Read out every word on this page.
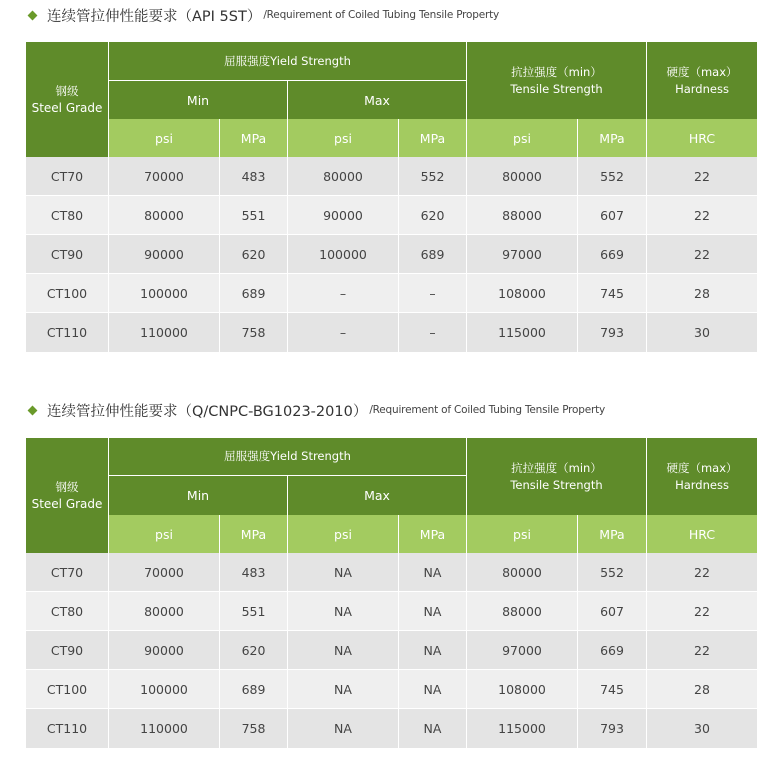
连续管拉伸性能要求（API 5ST） /Requirement of Coiled Tubing Tensile Property
钢级
Steel Grade
屈服强度Yield Strength
抗拉强度（min）
Tensile Strength
硬度（max）
Hardness
Min	Max
psi	MPa	psi	MPa	psi	MPa	HRC
CT70	70000	483	80000	552	80000	552	22
CT80	80000	551	90000	620	88000	607	22
CT90	90000	620	100000	689	97000	669	22
CT100	100000	689	–	–	108000	745	28
CT110	110000	758	–	–	115000	793	30
连续管拉伸性能要求（Q/CNPC-BG1023-2010） /Requirement of Coiled Tubing Tensile Property
钢级
Steel Grade
屈服强度Yield Strength
抗拉强度（min）
Tensile Strength
硬度（max）
Hardness
Min	Max
psi	MPa	psi	MPa	psi	MPa	HRC
CT70	70000	483	NA	NA	80000	552	22
CT80	80000	551	NA	NA	88000	607	22
CT90	90000	620	NA	NA	97000	669	22
CT100	100000	689	NA	NA	108000	745	28
CT110	110000	758	NA	NA	115000	793	30
